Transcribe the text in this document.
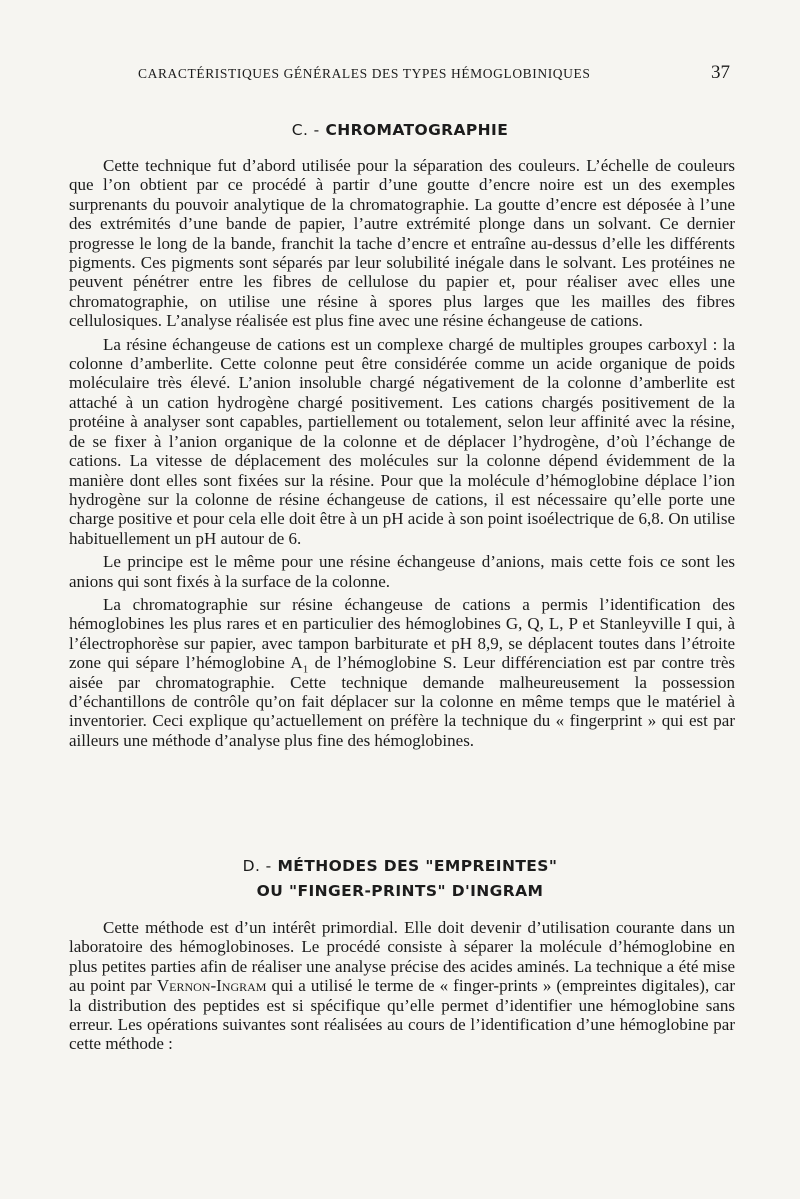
CARACTÉRISTIQUES GÉNÉRALES DES TYPES HÉMOGLOBINIQUES	37
C. - CHROMATOGRAPHIE

Cette technique fut d’abord utilisée pour la séparation des couleurs. L’échelle de couleurs que l’on obtient par ce procédé à partir d’une goutte d’encre noire est un des exemples surprenants du pouvoir analytique de la chromatographie. La goutte d’encre est déposée à l’une des extrémités d’une bande de papier, l’autre extrémité plonge dans un solvant. Ce dernier progresse le long de la bande, franchit la tache d’encre et entraîne au-dessus d’elle les différents pigments. Ces pigments sont séparés par leur solubilité inégale dans le solvant. Les protéines ne peuvent pénétrer entre les fibres de cellulose du papier et, pour réaliser avec elles une chromatographie, on utilise une résine à spores plus larges que les mailles des fibres cellulosiques. L’analyse réalisée est plus fine avec une résine échangeuse de cations.

La résine échangeuse de cations est un complexe chargé de multiples groupes carboxyl : la colonne d’amberlite. Cette colonne peut être considérée comme un acide organique de poids moléculaire très élevé. L’anion insoluble chargé négativement de la colonne d’amberlite est attaché à un cation hydrogène chargé positivement. Les cations chargés positivement de la protéine à analyser sont capables, partiellement ou totalement, selon leur affinité avec la résine, de se fixer à l’anion organique de la colonne et de déplacer l’hydrogène, d’où l’échange de cations. La vitesse de déplacement des molécules sur la colonne dépend évidemment de la manière dont elles sont fixées sur la résine. Pour que la molécule d’hémoglobine déplace l’ion hydrogène sur la colonne de résine échangeuse de cations, il est nécessaire qu’elle porte une charge positive et pour cela elle doit être à un pH acide à son point isoélectrique de 6,8. On utilise habituellement un pH autour de 6.

Le principe est le même pour une résine échangeuse d’anions, mais cette fois ce sont les anions qui sont fixés à la surface de la colonne.

La chromatographie sur résine échangeuse de cations a permis l’identification des hémoglobines les plus rares et en particulier des hémoglobines G, Q, L, P et Stanleyville I qui, à l’électrophorèse sur papier, avec tampon barbiturate et pH 8,9, se déplacent toutes dans l’étroite zone qui sépare l’hémoglobine $A_1$ de l’hémoglobine S. Leur différenciation est par contre très aisée par chromatographie. Cette technique demande malheureusement la possession d’échantillons de contrôle qu’on fait déplacer sur la colonne en même temps que le matériel à inventorier. Ceci explique qu’actuellement on préfère la technique du « fingerprint » qui est par ailleurs une méthode d’analyse plus fine des hémoglobines.

D. - MÉTHODES DES "EMPREINTES"
OU "FINGER-PRINTS" D'INGRAM

Cette méthode est d’un intérêt primordial. Elle doit devenir d’utilisation courante dans un laboratoire des hémoglobinoses. Le procédé consiste à séparer la molécule d’hémoglobine en plus petites parties afin de réaliser une analyse précise des acides aminés. La technique a été mise au point par Vernon-Ingram qui a utilisé le terme de « finger-prints » (empreintes digitales), car la distribution des peptides est si spécifique qu’elle permet d’identifier une hémoglobine sans erreur. Les opérations suivantes sont réalisées au cours de l’identification d’une hémoglobine par cette méthode :
